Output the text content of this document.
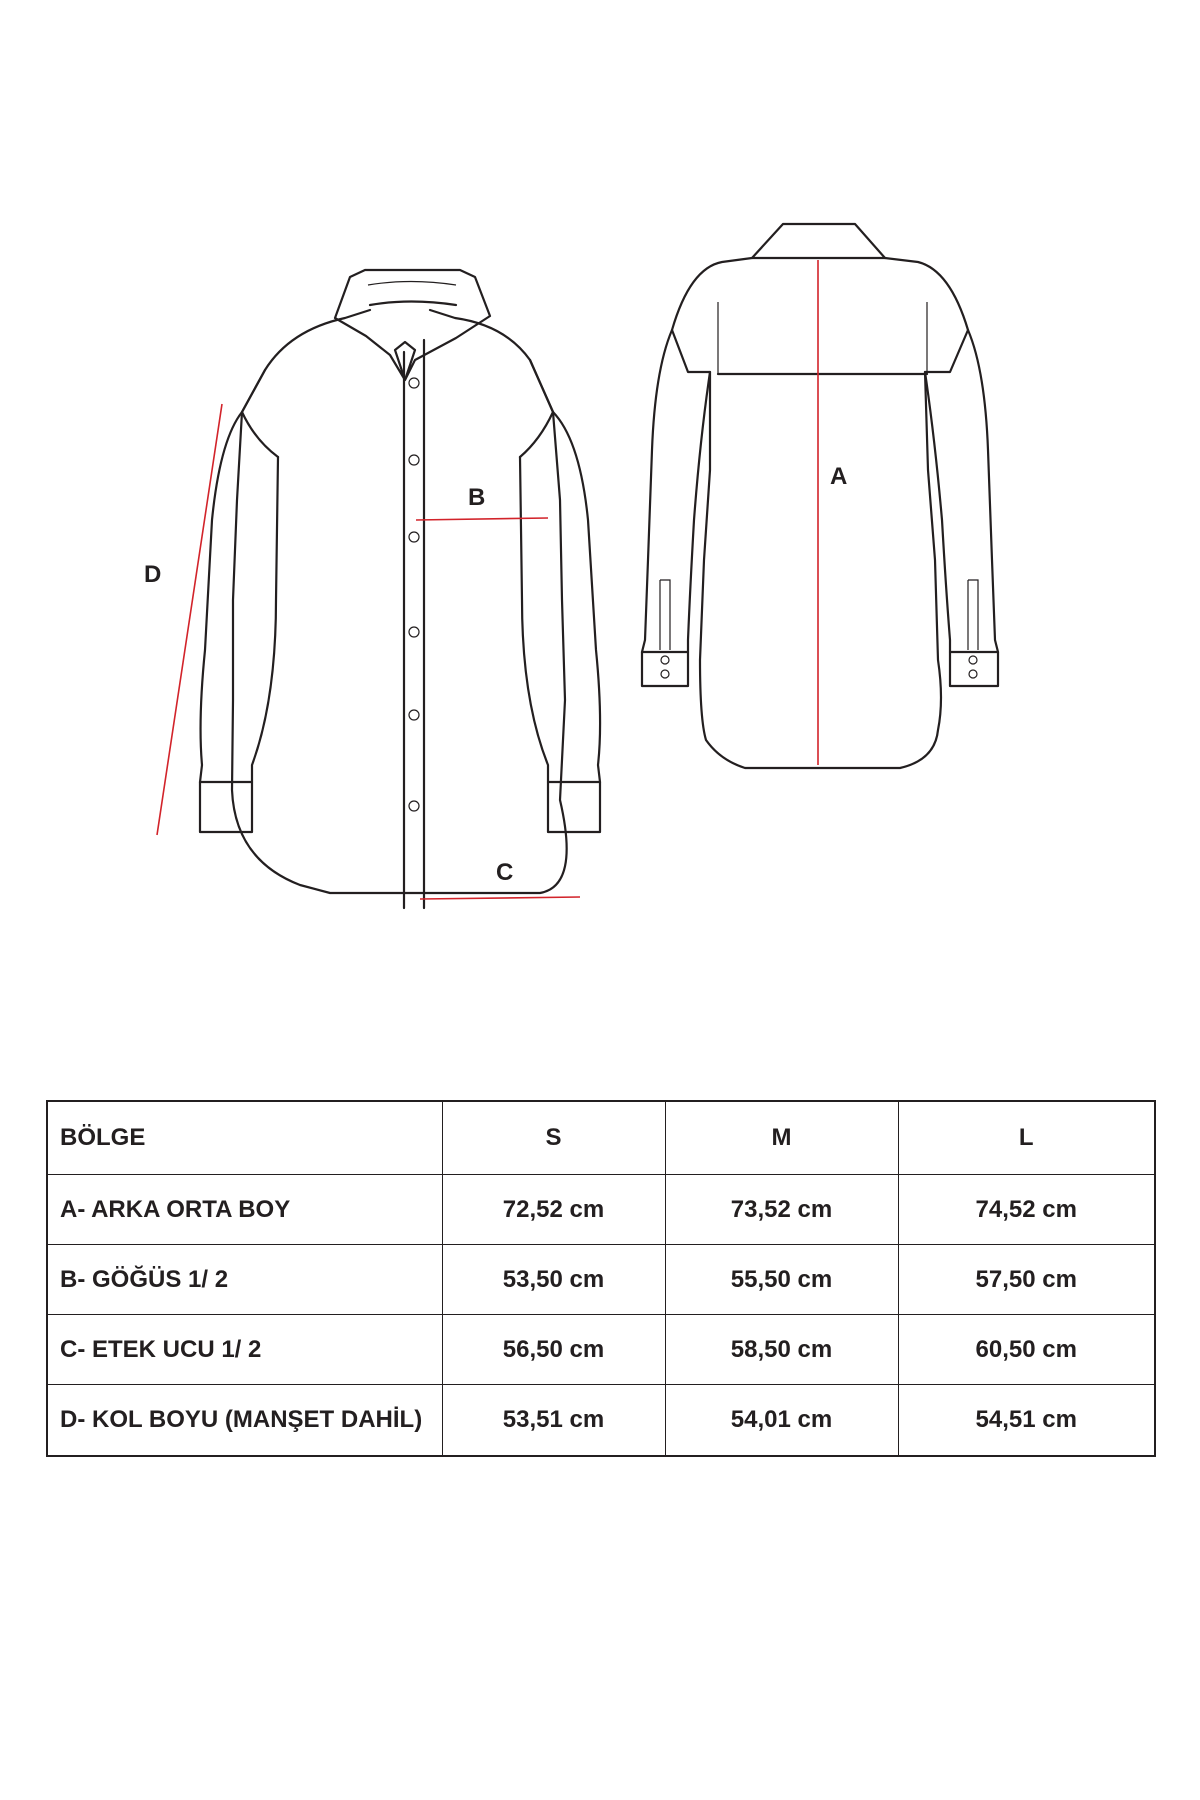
B
C
D
A
BÖLGE	S	M	L
A- ARKA ORTA BOY	72,52 cm	73,52 cm	74,52 cm
B- GÖĞÜS 1/ 2	53,50 cm	55,50 cm	57,50 cm
C- ETEK UCU 1/ 2	56,50 cm	58,50 cm	60,50 cm
D- KOL BOYU (MANŞET DAHİL)	53,51 cm	54,01 cm	54,51 cm
